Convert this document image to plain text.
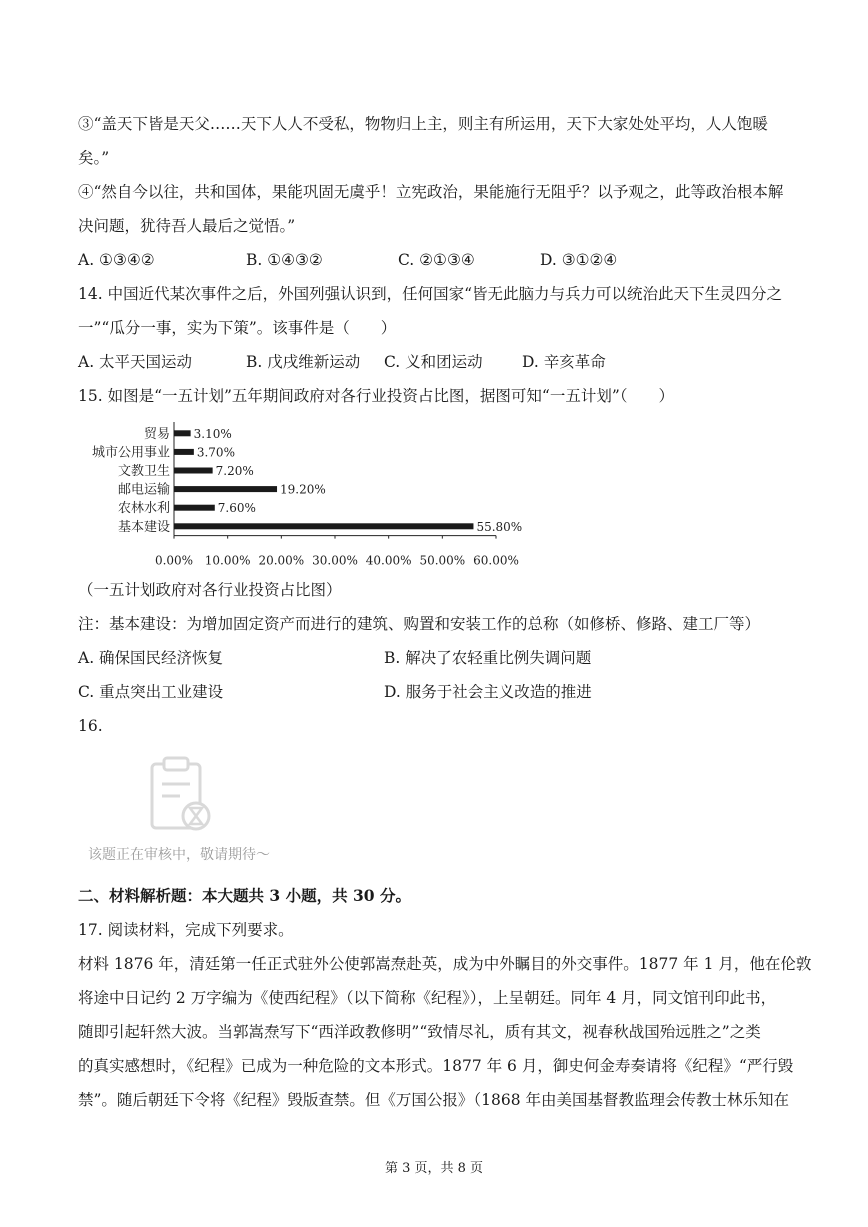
③“盖天下皆是天父……天下人人不受私，物物归上主，则主有所运用，天下大家处处平均，人人饱暖
矣。”
④“然自今以往，共和国体，果能巩固无虞乎！立宪政治，果能施行无阻乎？以予观之，此等政治根本解
决问题，犹待吾人最后之觉悟。”
A. ①③④②	B. ①④③②	C. ②①③④	D. ③①②④
14. 中国近代某次事件之后，外国列强认识到，任何国家“皆无此脑力与兵力可以统治此天下生灵四分之
一”“瓜分一事，实为下策”。该事件是（　　）
A. 太平天国运动	B. 戊戌维新运动 C. 义和团运动	D. 辛亥革命
15. 如图是“一五计划”五年期间政府对各行业投资占比图，据图可知“一五计划”（　　）
贸易 3.10%
城市公用事业 3.70%
文教卫生	7.20%
邮电运输	19.20%
农林水利	7.60%
基本建设	55.80%
0.00% 10.00% 20.00% 30.00% 40.00% 50.00% 60.00%
（一五计划政府对各行业投资占比图）
注：基本建设：为增加固定资产而进行的建筑、购置和安装工作的总称（如修桥、修路、建工厂等）
A. 确保国民经济恢复	B. 解决了农轻重比例失调问题
C. 重点突出工业建设	D. 服务于社会主义改造的推进
16.
该题正在审核中，敬请期待～
二、材料解析题：本大题共 3 小题，共 30 分。
17. 阅读材料，完成下列要求。
材料 1876 年，清廷第一任正式驻外公使郭嵩焘赴英，成为中外瞩目的外交事件。1877 年 1 月，他在伦敦
将途中日记约 2 万字编为《使西纪程》（以下简称《纪程》），上呈朝廷。同年 4 月，同文馆刊印此书，
随即引起轩然大波。当郭嵩焘写下“西洋政教修明”“致情尽礼，质有其文，视春秋战国殆远胜之”之类
的真实感想时，《纪程》已成为一种危险的文本形式。1877 年 6 月，御史何金寿奏请将《纪程》“严行毁
禁”。随后朝廷下令将《纪程》毁版查禁。但《万国公报》（1868 年由美国基督教监理会传教士林乐知在
第 3 页，共 8 页
